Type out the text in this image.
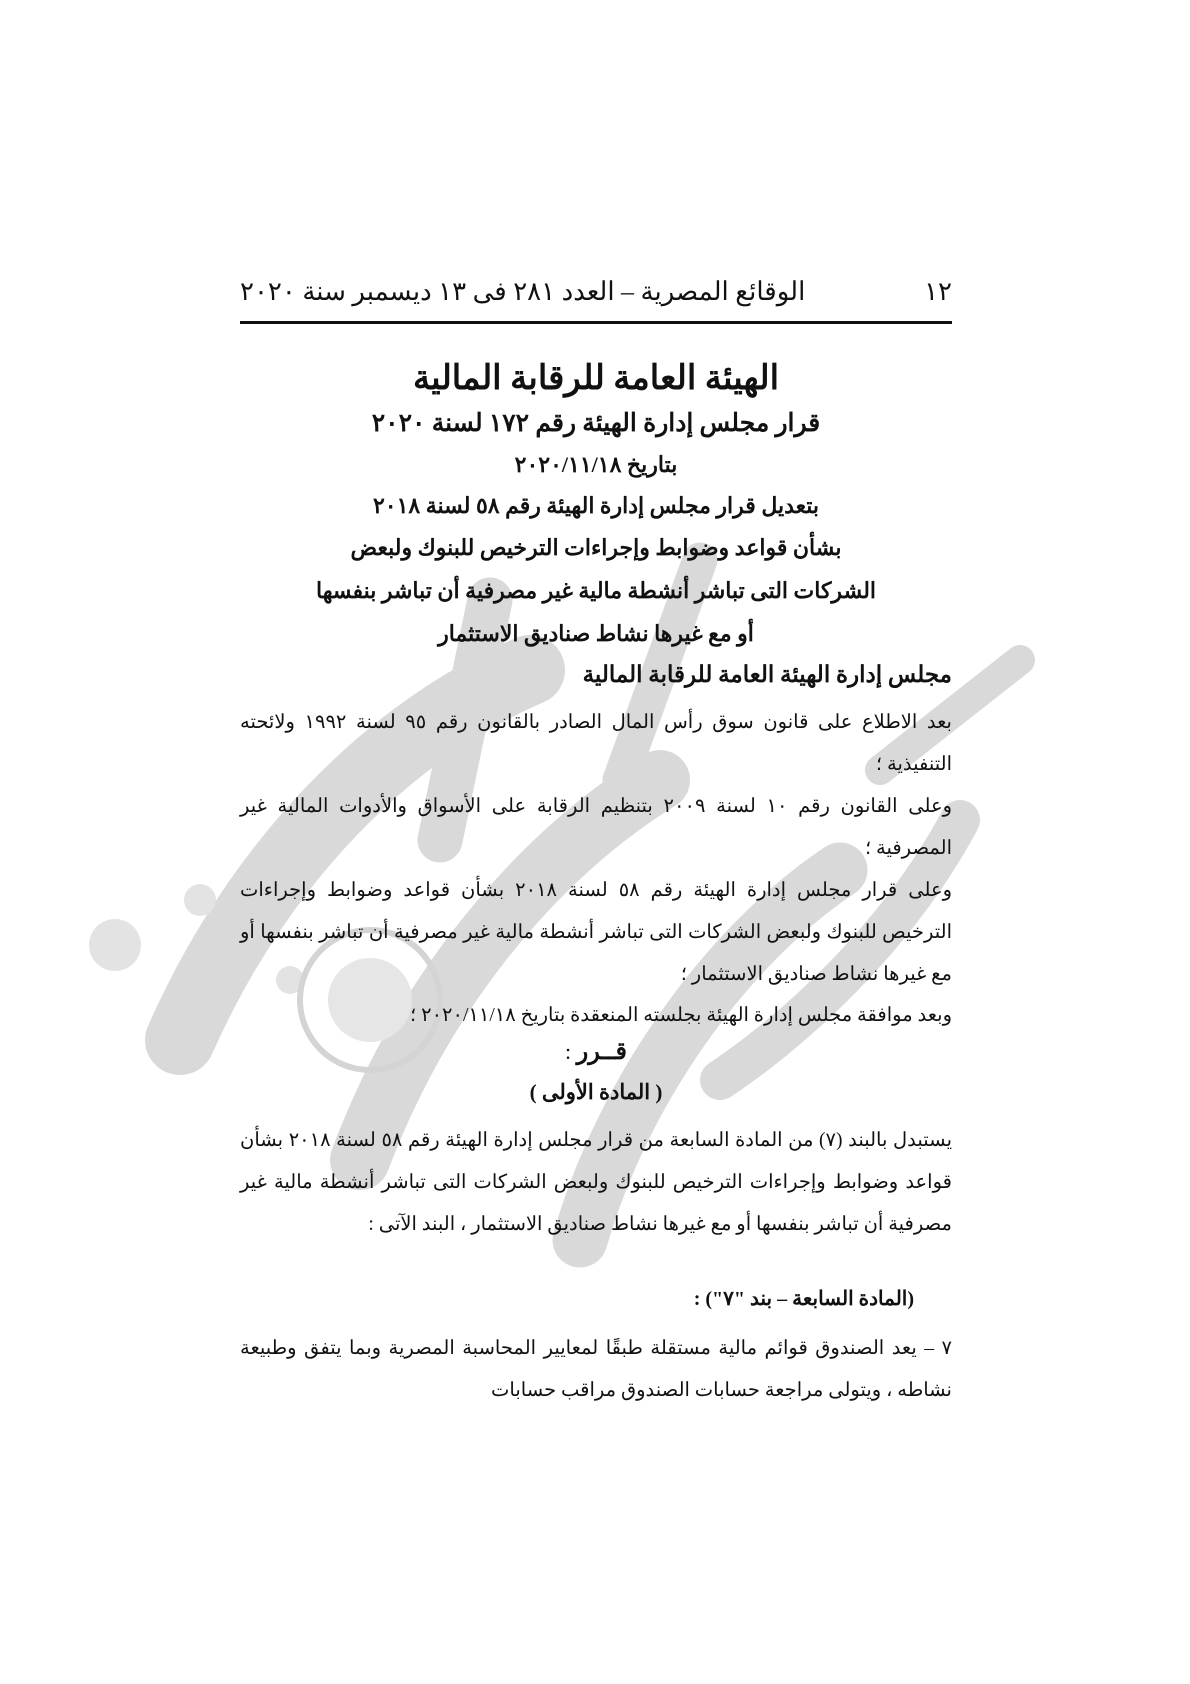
١٢
الوقائع المصرية – العدد ٢٨١ فى ١٣ ديسمبر سنة ٢٠٢٠
الهيئة العامة للرقابة المالية
قرار مجلس إدارة الهيئة رقم ١٧٢ لسنة ٢٠٢٠
بتاريخ ٢٠٢٠/١١/١٨
بتعديل قرار مجلس إدارة الهيئة رقم ٥٨ لسنة ٢٠١٨
بشأن قواعد وضوابط وإجراءات الترخيص للبنوك ولبعض
الشركات التى تباشر أنشطة مالية غير مصرفية أن تباشر بنفسها
أو مع غيرها نشاط صناديق الاستثمار
مجلس إدارة الهيئة العامة للرقابة المالية
بعد الاطلاع على قانون سوق رأس المال الصادر بالقانون رقم ٩٥ لسنة ١٩٩٢ ولائحته التنفيذية ؛
وعلى القانون رقم ١٠ لسنة ٢٠٠٩ بتنظيم الرقابة على الأسواق والأدوات المالية غير المصرفية ؛
وعلى قرار مجلس إدارة الهيئة رقم ٥٨ لسنة ٢٠١٨ بشأن قواعد وضوابط وإجراءات الترخيص للبنوك ولبعض الشركات التى تباشر أنشطة مالية غير مصرفية أن تباشر بنفسها أو مع غيرها نشاط صناديق الاستثمار ؛
وبعد موافقة مجلس إدارة الهيئة بجلسته المنعقدة بتاريخ ٢٠٢٠/١١/١٨ ؛
قــرر :
( المادة الأولى )
يستبدل بالبند (٧) من المادة السابعة من قرار مجلس إدارة الهيئة رقم ٥٨ لسنة ٢٠١٨ بشأن قواعد وضوابط وإجراءات الترخيص للبنوك ولبعض الشركات التى تباشر أنشطة مالية غير مصرفية أن تباشر بنفسها أو مع غيرها نشاط صناديق الاستثمار ، البند الآتى :
(المادة السابعة – بند "٧") :
٧ – يعد الصندوق قوائم مالية مستقلة طبقًا لمعايير المحاسبة المصرية وبما يتفق وطبيعة نشاطه ، ويتولى مراجعة حسابات الصندوق مراقب حسابات
